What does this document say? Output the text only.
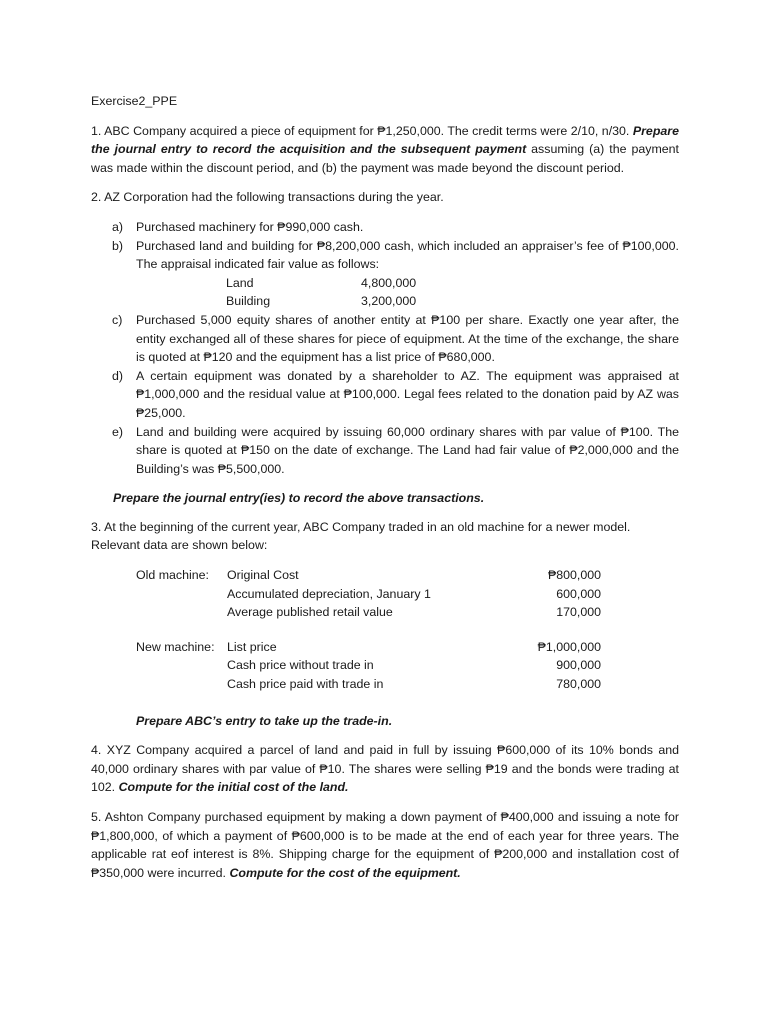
Exercise2_PPE

1. ABC Company acquired a piece of equipment for ₱1,250,000. The credit terms were 2/10, n/30. Prepare the journal entry to record the acquisition and the subsequent payment assuming (a) the payment was made within the discount period, and (b) the payment was made beyond the discount period.

2. AZ Corporation had the following transactions during the year.

a) Purchased machinery for ₱990,000 cash.
b) Purchased land and building for ₱8,200,000 cash, which included an appraiser’s fee of ₱100,000. The appraisal indicated fair value as follows:
Land	4,800,000
Building	3,200,000
c) Purchased 5,000 equity shares of another entity at ₱100 per share. Exactly one year after, the entity exchanged all of these shares for piece of equipment. At the time of the exchange, the share is quoted at ₱120 and the equipment has a list price of ₱680,000.
d) A certain equipment was donated by a shareholder to AZ. The equipment was appraised at ₱1,000,000 and the residual value at ₱100,000. Legal fees related to the donation paid by AZ was ₱25,000.
e) Land and building were acquired by issuing 60,000 ordinary shares with par value of ₱100. The share is quoted at ₱150 on the date of exchange. The Land had fair value of ₱2,000,000 and the Building’s was ₱5,500,000.

Prepare the journal entry(ies) to record the above transactions.

3. At the beginning of the current year, ABC Company traded in an old machine for a newer model. Relevant data are shown below:

Old machine:	Original Cost	₱800,000
	Accumulated depreciation, January 1	600,000
	Average published retail value	170,000

New machine:	List price	₱1,000,000
	Cash price without trade in	900,000
	Cash price paid with trade in	780,000

Prepare ABC’s entry to take up the trade-in.

4. XYZ Company acquired a parcel of land and paid in full by issuing ₱600,000 of its 10% bonds and 40,000 ordinary shares with par value of ₱10. The shares were selling ₱19 and the bonds were trading at 102. Compute for the initial cost of the land.

5. Ashton Company purchased equipment by making a down payment of ₱400,000 and issuing a note for ₱1,800,000, of which a payment of ₱600,000 is to be made at the end of each year for three years. The applicable rat eof interest is 8%. Shipping charge for the equipment of ₱200,000 and installation cost of ₱350,000 were incurred. Compute for the cost of the equipment.
